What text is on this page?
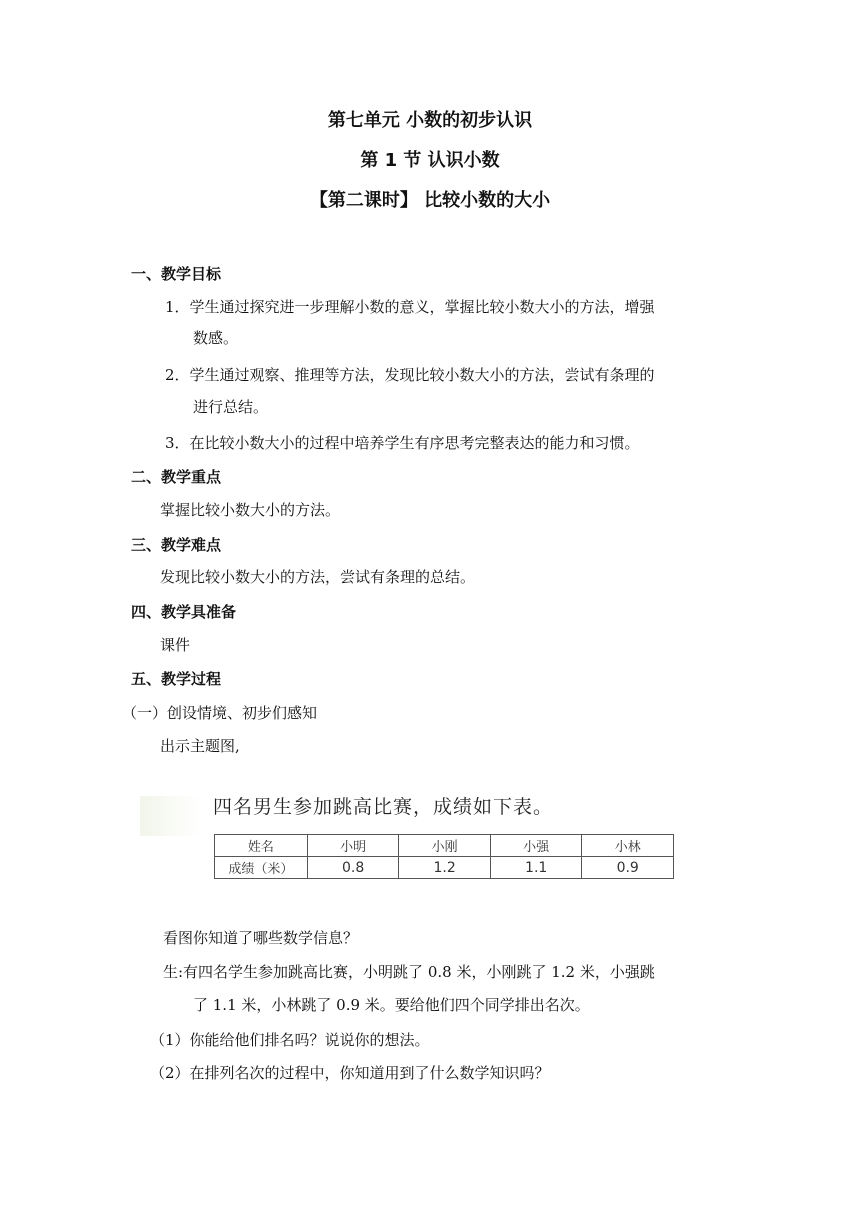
第七单元 小数的初步认识
第 1 节 认识小数
【第二课时】 比较小数的大小
一、教学目标
1．学生通过探究进一步理解小数的意义，掌握比较小数大小的方法，增强
数感。
2．学生通过观察、推理等方法，发现比较小数大小的方法，尝试有条理的
进行总结。
3．在比较小数大小的过程中培养学生有序思考完整表达的能力和习惯。
二、教学重点
掌握比较小数大小的方法。
三、教学难点
发现比较小数大小的方法，尝试有条理的总结。
四、教学具准备
课件
五、教学过程
（一）创设情境、初步们感知
出示主题图,
四名男生参加跳高比赛，成绩如下表。
姓名	小明	小刚	小强	小林
成绩（米）	0.8	1.2	1.1	0.9
看图你知道了哪些数学信息？
生:有四名学生参加跳高比赛，小明跳了 0.8 米，小刚跳了 1.2 米，小强跳
了 1.1 米，小林跳了 0.9 米。要给他们四个同学排出名次。
（1）你能给他们排名吗？说说你的想法。
（2）在排列名次的过程中，你知道用到了什么数学知识吗？
